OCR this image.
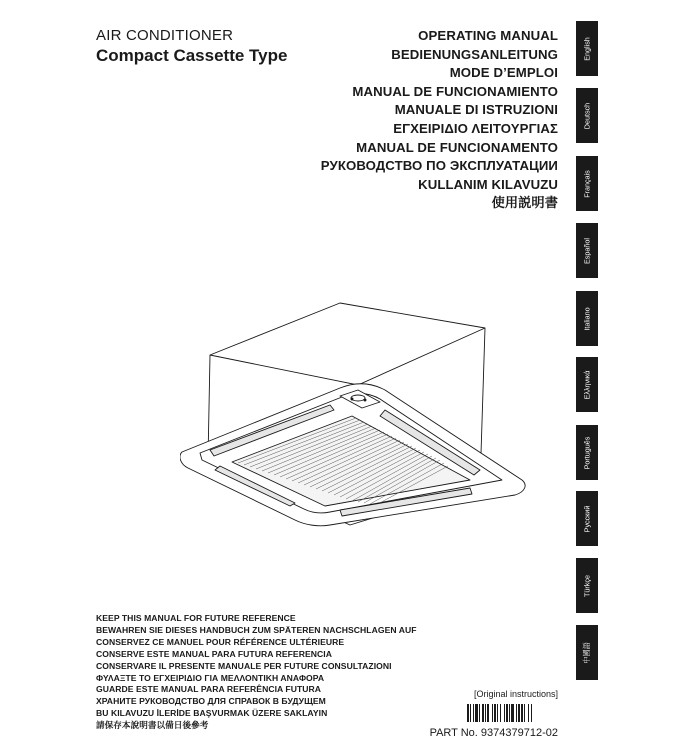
AIR CONDITIONER
Compact Cassette Type
OPERATING MANUAL
BEDIENUNGSANLEITUNG
MODE D’EMPLOI
MANUAL DE FUNCIONAMIENTO
MANUALE DI ISTRUZIONI
ΕΓΧΕΙΡΙΔΙΟ ΛΕΙΤΟΥΡΓΙΑΣ
MANUAL DE FUNCIONAMENTO
РУКОВОДСТВО ПО ЭКСПЛУАТАЦИИ
KULLANIM KILAVUZU
使用説明書
English
Deutsch
Français
Español
Italiano
Ελληνικά
Português
Русский
Türkçe
中國語
KEEP THIS MANUAL FOR FUTURE REFERENCE
BEWAHREN SIE DIESES HANDBUCH ZUM SPÄTEREN NACHSCHLAGEN AUF
CONSERVEZ CE MANUEL POUR RÉFÉRENCE ULTÉRIEURE
CONSERVE ESTE MANUAL PARA FUTURA REFERENCIA
CONSERVARE IL PRESENTE MANUALE PER FUTURE CONSULTAZIONI
ΦΥΛΑΞΤΕ ΤΟ ΕΓΧΕΙΡΙΔΙΟ ΓΙΑ ΜΕΛΛΟΝΤΙΚΗ ΑΝΑΦΟΡΑ
GUARDE ESTE MANUAL PARA REFERÊNCIA FUTURA
ХРАНИТЕ РУКОВОДСТВО ДЛЯ СПРАВОК В БУДУЩЕМ
BU KILAVUZU İLERİDE BAŞVURMAK ÜZERE SAKLAYIN
請保存本說明書以備日後參考
[Original instructions]
PART No. 9374379712-02
